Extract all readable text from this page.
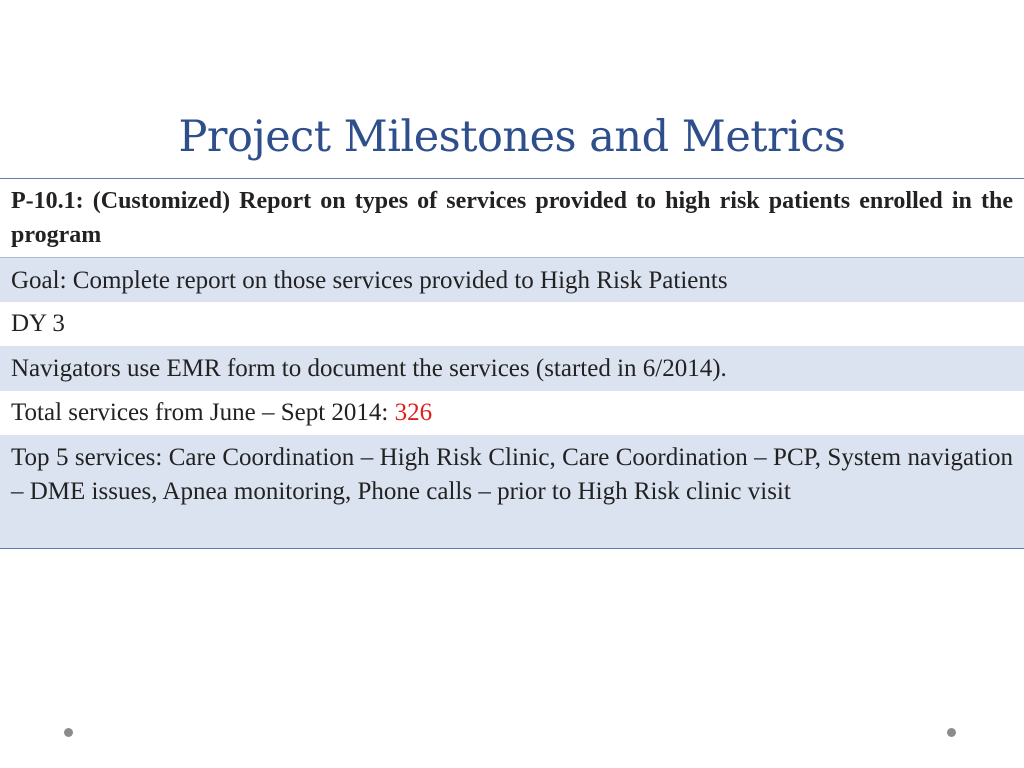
Project Milestones and Metrics
P-10.1: (Customized) Report on types of services provided to high risk patients enrolled in the program
Goal: Complete report on those services provided to High Risk Patients
DY 3
Navigators use EMR form to document the services (started in 6/2014).
Total services from June – Sept 2014: 326
Top 5 services: Care Coordination – High Risk Clinic, Care Coordination – PCP, System navigation – DME issues, Apnea monitoring, Phone calls – prior to High Risk clinic visit
